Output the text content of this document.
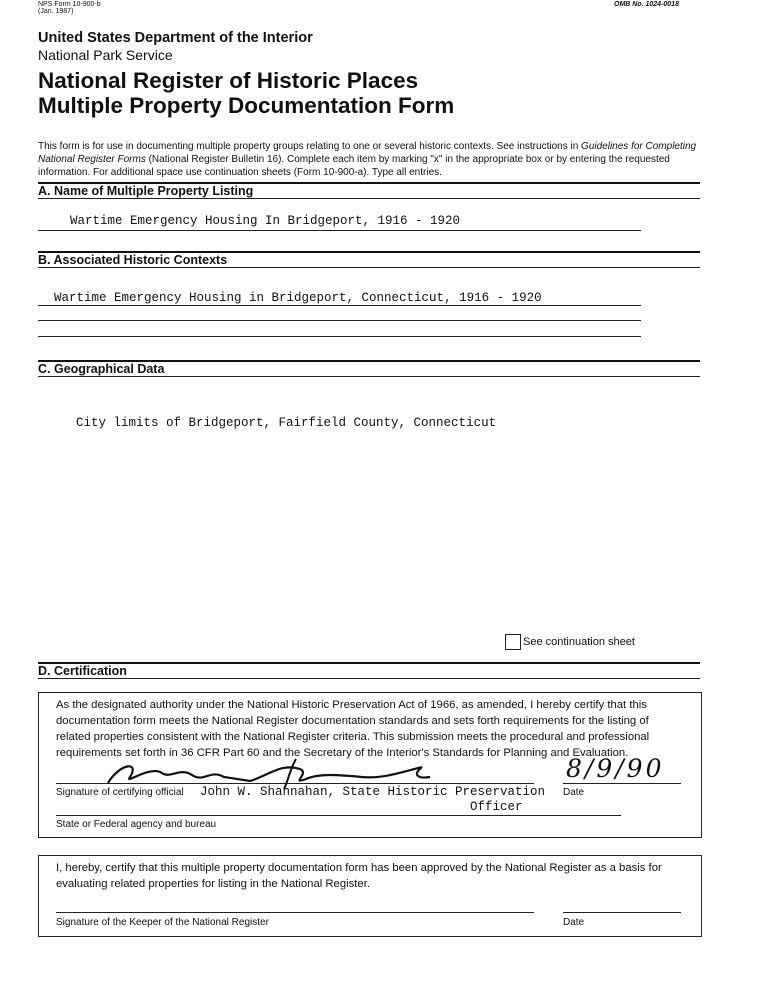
NPS Form 10-900-b
(Jan. 1987)
OMB No. 1024-0018
United States Department of the Interior
National Park Service
National Register of Historic Places
Multiple Property Documentation Form
This form is for use in documenting multiple property groups relating to one or several historic contexts. See instructions in Guidelines for Completing National Register Forms (National Register Bulletin 16). Complete each item by marking "x" in the appropriate box or by entering the requested information. For additional space use continuation sheets (Form 10-900-a). Type all entries.
A. Name of Multiple Property Listing
Wartime Emergency Housing In Bridgeport, 1916 - 1920
B. Associated Historic Contexts
Wartime Emergency Housing in Bridgeport, Connecticut, 1916 - 1920
C. Geographical Data
City limits of Bridgeport, Fairfield County, Connecticut
See continuation sheet
D. Certification
As the designated authority under the National Historic Preservation Act of 1966, as amended, I hereby certify that this documentation form meets the National Register documentation standards and sets forth requirements for the listing of related properties consistent with the National Register criteria. This submission meets the procedural and professional requirements set forth in 36 CFR Part 60 and the Secretary of the Interior's Standards for Planning and Evaluation.
Signature of certifying official John W. Shannahan, State Historic Preservation
Officer
8/9/90
Date
State or Federal agency and bureau
I, hereby, certify that this multiple property documentation form has been approved by the National Register as a basis for evaluating related properties for listing in the National Register.
Signature of the Keeper of the National Register	Date
